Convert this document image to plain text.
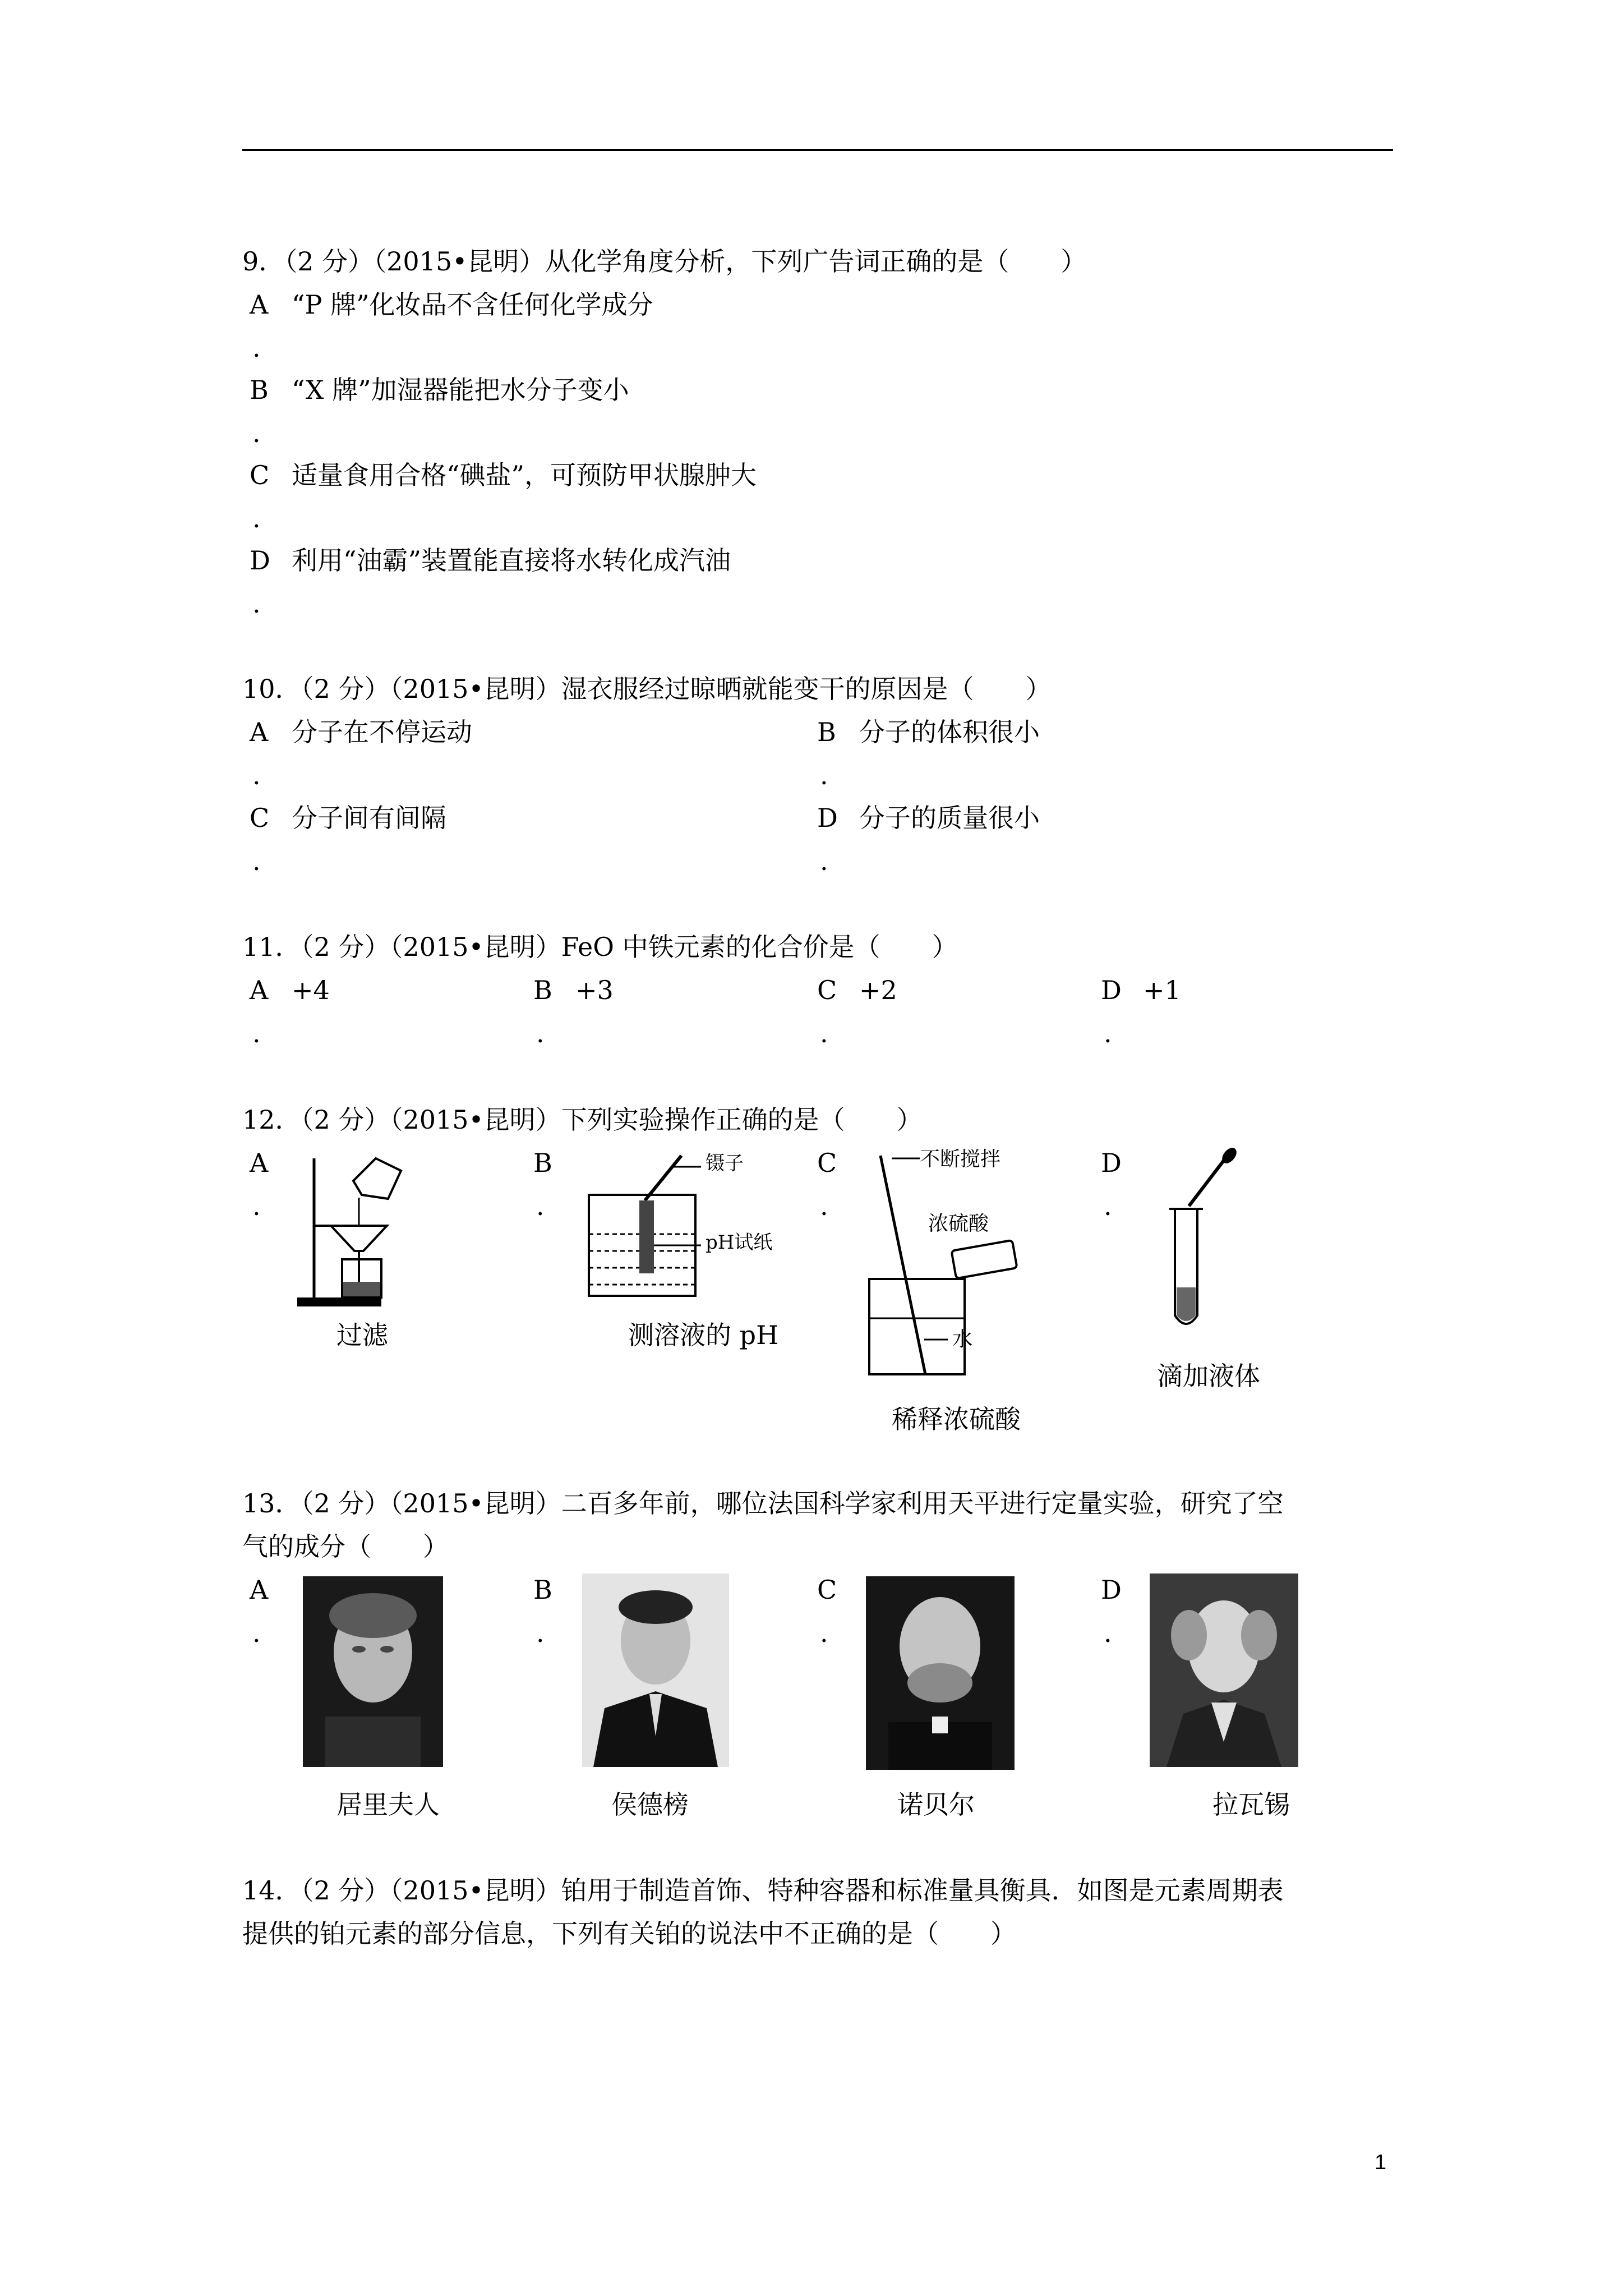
9．（2 分）（2015•昆明）从化学角度分析，下列广告词正确的是（　　）
A “P 牌”化妆品不含任何化学成分
.
B “X 牌”加湿器能把水分子变小
.
C 适量食用合格“碘盐”，可预防甲状腺肿大
.
D 利用“油霸”装置能直接将水转化成汽油
.
10．（2 分）（2015•昆明）湿衣服经过晾晒就能变干的原因是（　　）
A 分子在不停运动
.
B 分子的体积很小
.
C 分子间有间隔
.
D 分子的质量很小
.
11．（2 分）（2015•昆明）FeO 中铁元素的化合价是（　　）
A +4
.
B +3
.
C +2
.
D +1
.
12．（2 分）（2015•昆明）下列实验操作正确的是（　　）
A
.
过滤
B
.
镊子
pH试纸
测溶液的 pH
C
.
不断搅拌
浓硫酸
水
稀释浓硫酸
D
.
滴加液体
13．（2 分）（2015•昆明）二百多年前，哪位法国科学家利用天平进行定量实验，研究了空
气的成分（　　）
A
.
居里夫人
B
.
侯德榜
C
.
诺贝尔
D
.
拉瓦锡
14．（2 分）（2015•昆明）铂用于制造首饰、特种容器和标准量具衡具．如图是元素周期表
提供的铂元素的部分信息，下列有关铂的说法中不正确的是（　　）
1
